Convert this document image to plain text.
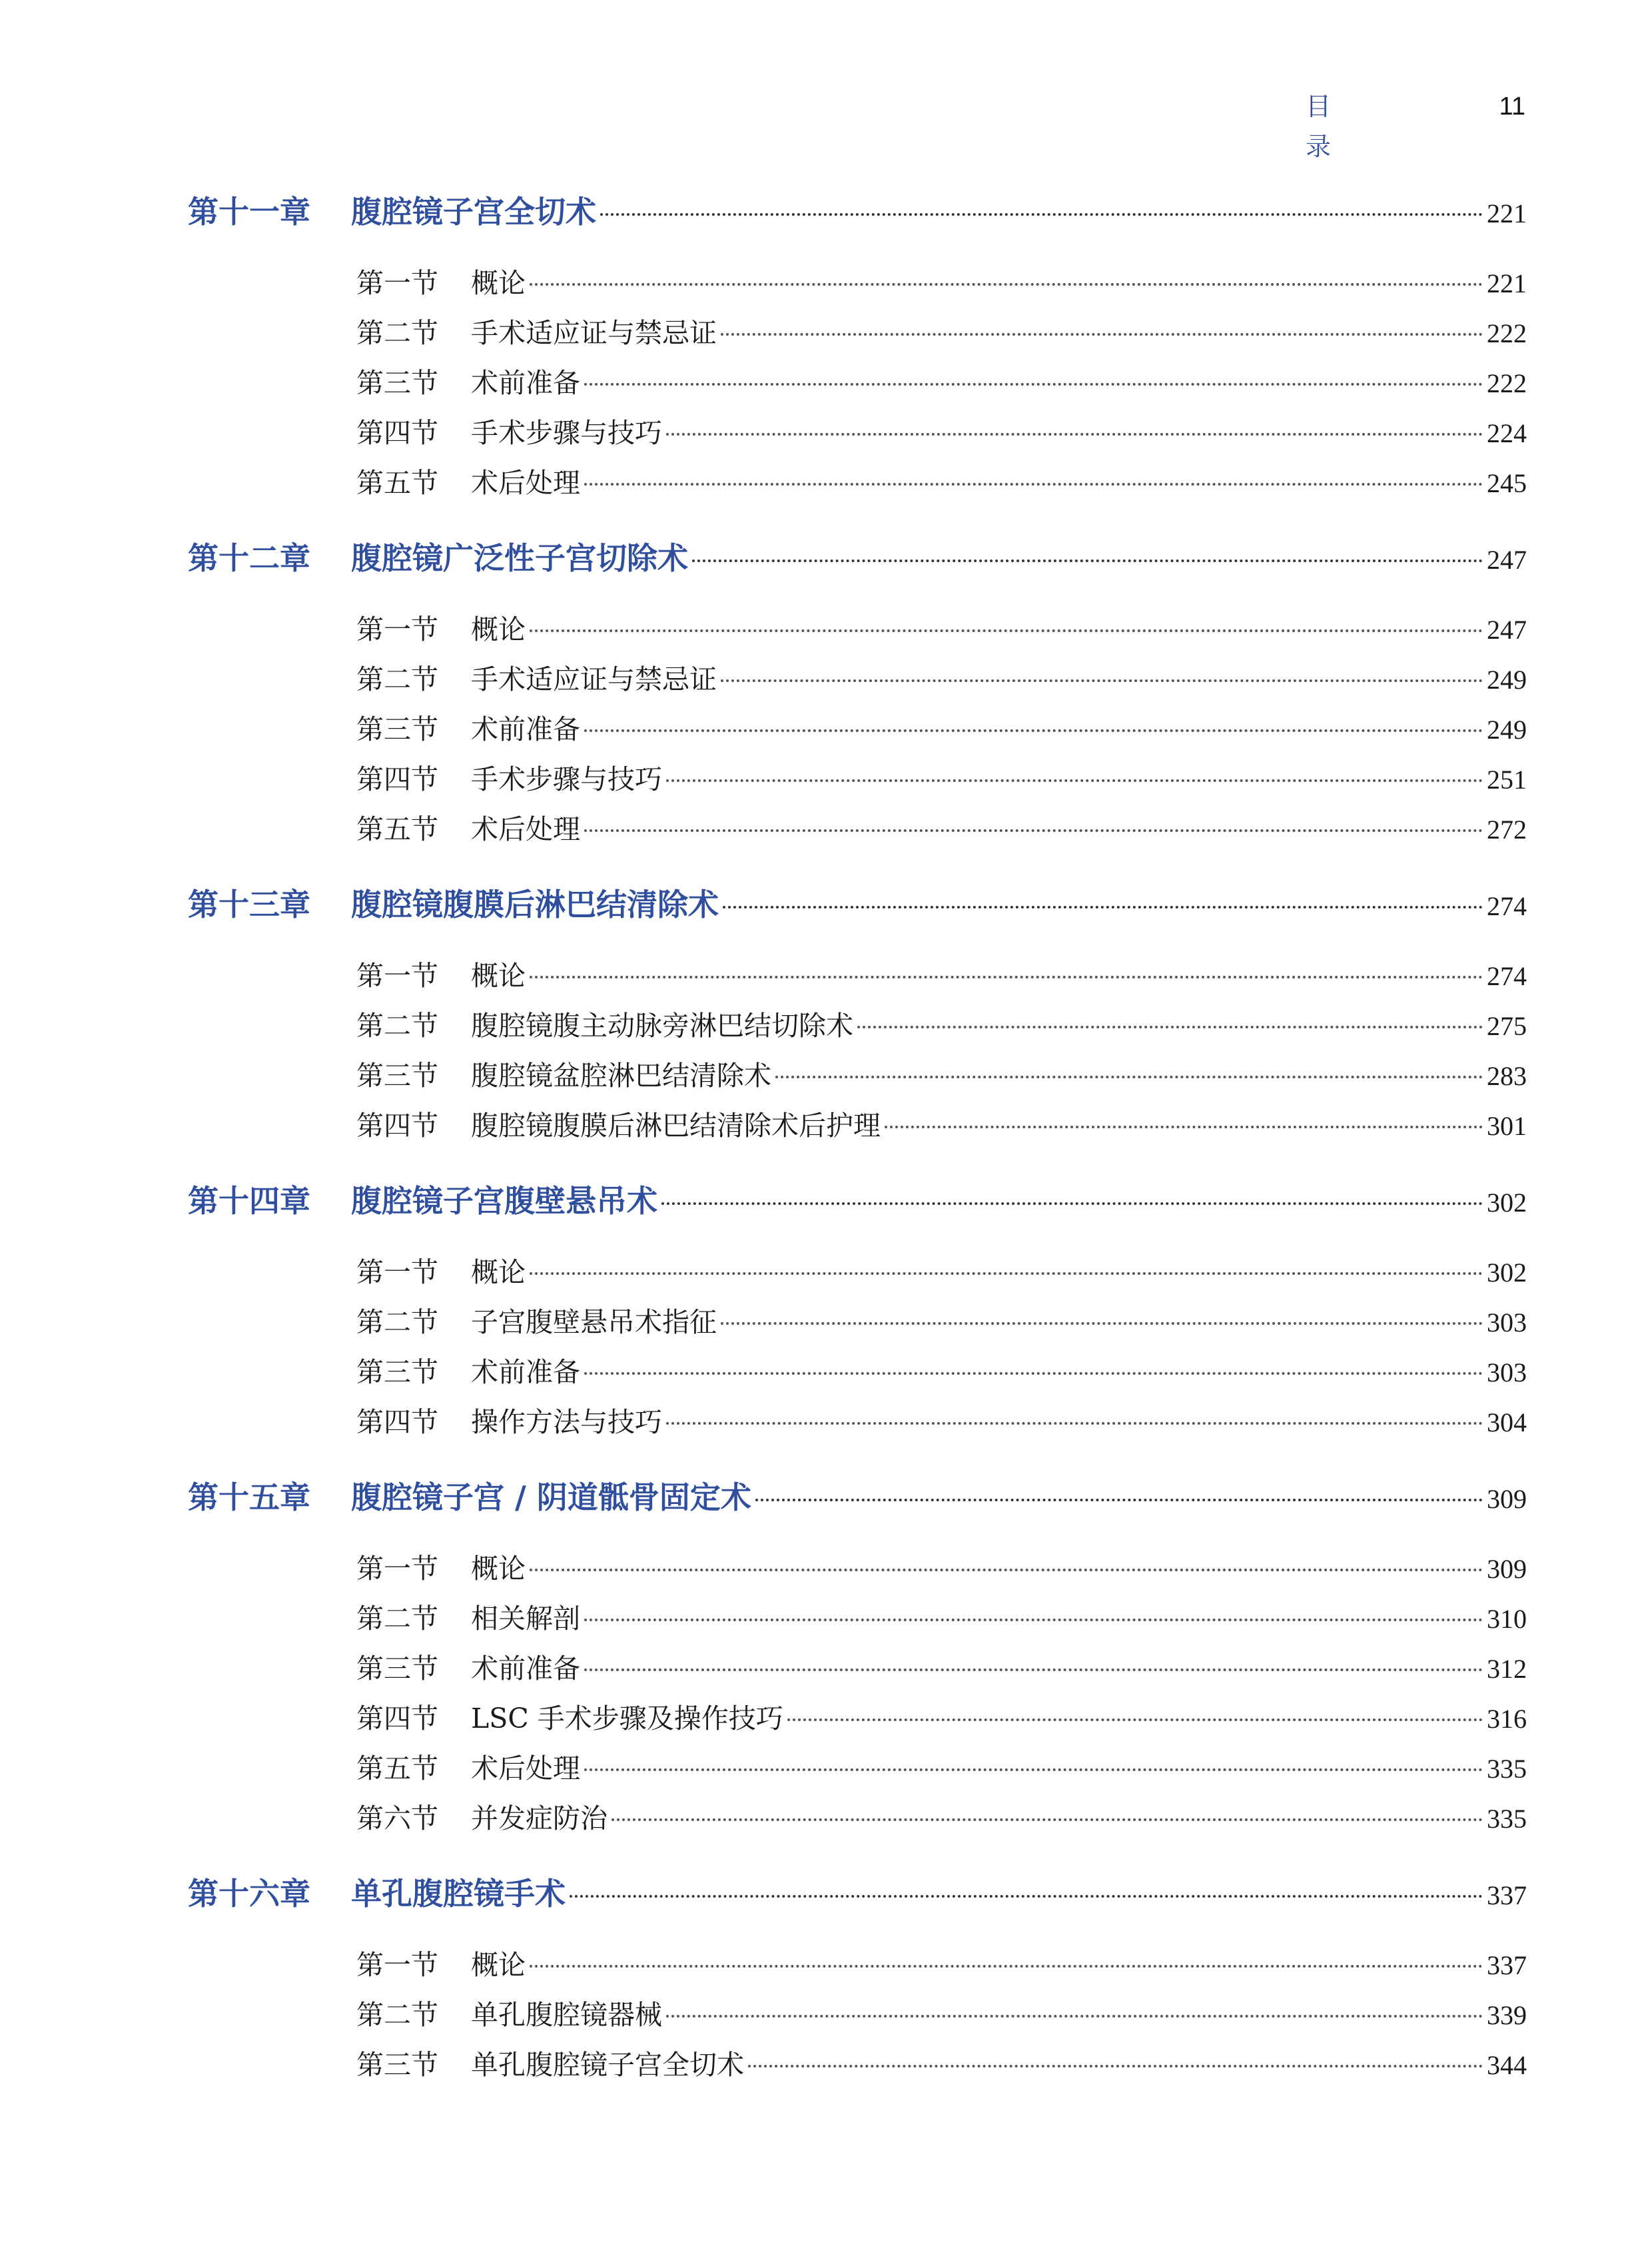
目 录
11
第十一章	腹腔镜子宫全切术	221
第一节	概论	221
第二节	手术适应证与禁忌证	222
第三节	术前准备	222
第四节	手术步骤与技巧	224
第五节	术后处理	245
第十二章	腹腔镜广泛性子宫切除术	247
第一节	概论	247
第二节	手术适应证与禁忌证	249
第三节	术前准备	249
第四节	手术步骤与技巧	251
第五节	术后处理	272
第十三章	腹腔镜腹膜后淋巴结清除术	274
第一节	概论	274
第二节	腹腔镜腹主动脉旁淋巴结切除术	275
第三节	腹腔镜盆腔淋巴结清除术	283
第四节	腹腔镜腹膜后淋巴结清除术后护理	301
第十四章	腹腔镜子宫腹壁悬吊术	302
第一节	概论	302
第二节	子宫腹壁悬吊术指征	303
第三节	术前准备	303
第四节	操作方法与技巧	304
第十五章	腹腔镜子宫 / 阴道骶骨固定术	309
第一节	概论	309
第二节	相关解剖	310
第三节	术前准备	312
第四节	LSC 手术步骤及操作技巧	316
第五节	术后处理	335
第六节	并发症防治	335
第十六章	单孔腹腔镜手术	337
第一节	概论	337
第二节	单孔腹腔镜器械	339
第三节	单孔腹腔镜子宫全切术	344
